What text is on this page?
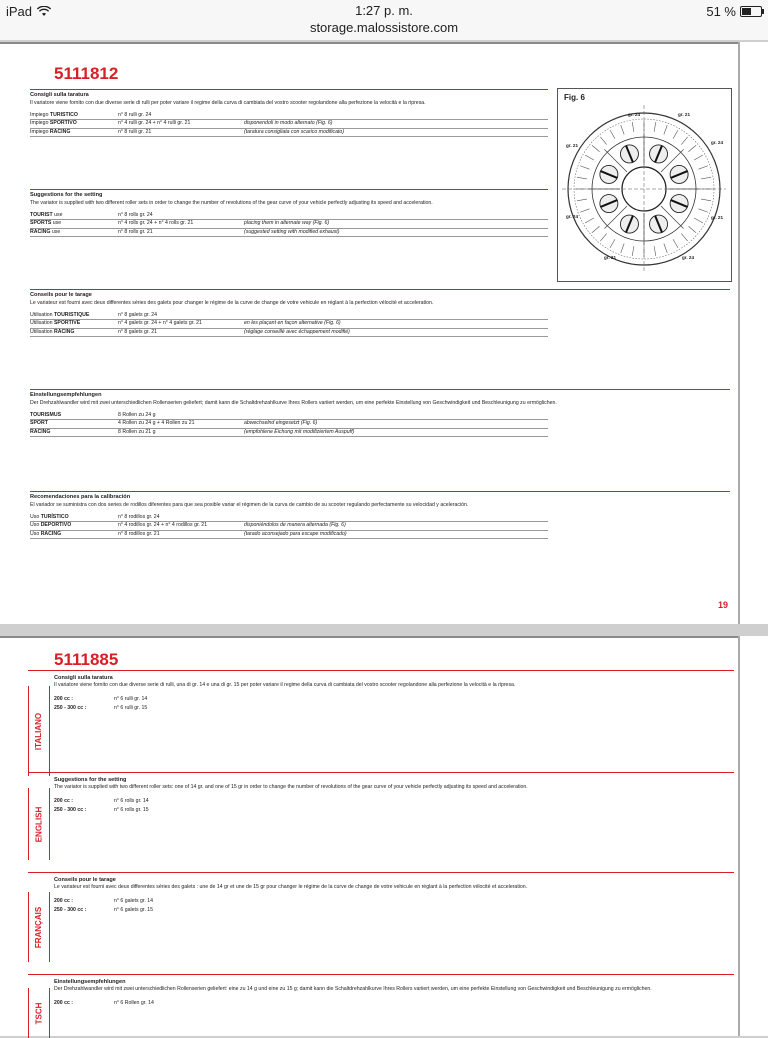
iPad	1:27 p. m.
storage.malossistore.com
51 %
5111812
Consigli sulla taratura
Il variatore viene fornito con due diverse serie di rulli per poter variare il regime della curva di cambiata del vostro scooter regolandone alla perfezione la velocità e la ripresa.
Impiego TURISTICO	n° 8 rulli gr. 24
Impiego SPORTIVO	n° 4 rulli gr. 24 + n° 4 rulli gr. 21	disponendoli in modo alternato (Fig. 6)
Impiego RACING	n° 8 rulli gr. 21	(taratura consigliata con scarico modificato)
Suggestions for the setting
The variator is supplied with two different roller sets in order to change the number of revolutions of the gear curve of your vehicle perfectly adjusting its speed and acceleration.
TOURIST use	n° 8 rolls gr. 24
SPORTS use	n° 4 rolls gr. 24 + n° 4 rolls gr. 21	placing them in alternate way (Fig. 6)
RACING use	n° 8 rolls gr. 21	(suggested setting with modified exhaust)
Conseils pour le tarage
Le variateur est fourni avec deux differentes séries des galets pour changer le régime de la curve de change de votre vehicule en réglant à la perfection vélocité et acceleration.
Utilisation TOURISTIQUE	n° 8 galets gr. 24
Utilisation SPORTIVE	n° 4 galets gr. 24 + n° 4 galets gr. 21	en les plaçant en façon alternative (Fig. 6)
Utilisation RACING	n° 8 galets gr. 21	(réglage conseillé avec échappement modifié)
Einstellungsempfehlungen
Der Drehzahlwandler wird mit zwei unterschiedlichen Rollenserien geliefert; damit kann die Schaltdrehzahlkurve Ihres Rollers variiert werden, um eine perfekte Einstellung von Geschwindigkeit und Beschleunigung zu ermöglichen.
TOURISMUS	8 Rollen zu 24 g
SPORT	4 Rollen zu 24 g + 4 Rollen zu 21	abwechselnd eingesetzt (Fig. 6)
RACING	8 Rollen zu 21 g	(empfohlene Eichung mit modifiziertem Auspuff)
Recomendaciones para la calibración
El variador se suministra con dos series de rodillos diferentes para que sea posible variar el régimen de la curva de cambio de su scooter regulando perfectamente su velocidad y aceleración.
Uso TURÍSTICO	n° 8 rodillos gr. 24
Uso DEPORTIVO	n° 4 rodillos gr. 24 + n° 4 rodillos gr. 21	disponiéndolos de manera alternada (Fig. 6)
Uso RACING	n° 8 rodillos gr. 21	(tarado aconsejado para escape modificado)
Fig. 6
gr. 24	gr. 21
gr. 24
gr. 21
gr. 21
gr. 24
gr. 21	gr. 24
19
5111885
ITALIANO
Consigli sulla taratura
Il variatore viene fornito con due diverse serie di rulli, una di gr. 14 e una di gr. 15 per poter variare il regime della curva di cambiata del vostro scooter regolandone alla perfezione la velocità e la ripresa.
200 cc :	n° 6 rulli gr. 14
250 - 300 cc :	n° 6 rulli gr. 15
ENGLISH
Suggestions for the setting
The variator is supplied with two different roller sets: one of 14 gr. and one of 15 gr in order to change the number of revolutions of the gear curve of your vehicle perfectly adjusting its speed and acceleration.
200 cc :	n° 6 rolls gr. 14
250 - 300 cc :	n° 6 rolls gr. 15
FRANÇAIS
Conseils pour le tarage
Le variateur est fourni avec deux differentes séries des galets : une de 14 gr et une de 15 gr pour changer le régime de la curve de change de votre vehicule en réglant à la perfection vélocité et acceleration.
200 cc :	n° 6 galets gr. 14
250 - 300 cc :	n° 6 galets gr. 15
TSCH
Einstellungsempfehlungen
Der Drehzahlwandler wird mit zwei unterschiedlichen Rollenserien geliefert: eine zu 14 g und eine zu 15 g; damit kann die Schaltdrehzahlkurve Ihres Rollers variiert werden, um eine perfekte Einstellung von Geschwindigkeit und Beschleunigung zu ermöglichen.
200 cc :	n° 6 Rollen gr. 14
